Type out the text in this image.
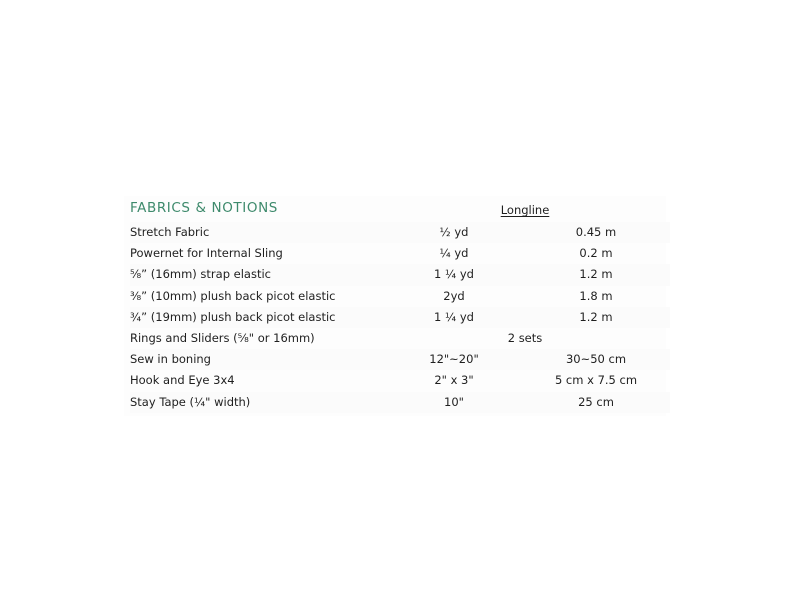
FABRICS & NOTIONS	Longline
Stretch Fabric	½ yd	0.45 m
Powernet for Internal Sling	¼ yd	0.2 m
⅝” (16mm) strap elastic	1 ¼ yd	1.2 m
⅜” (10mm) plush back picot elastic	2yd	1.8 m
¾” (19mm) plush back picot elastic	1 ¼ yd	1.2 m
Rings and Sliders (⅝" or 16mm)	2 sets
Sew in boning	12"~20"	30~50 cm
Hook and Eye 3x4	2" x 3"	5 cm x 7.5 cm
Stay Tape (¼" width)	10"	25 cm
